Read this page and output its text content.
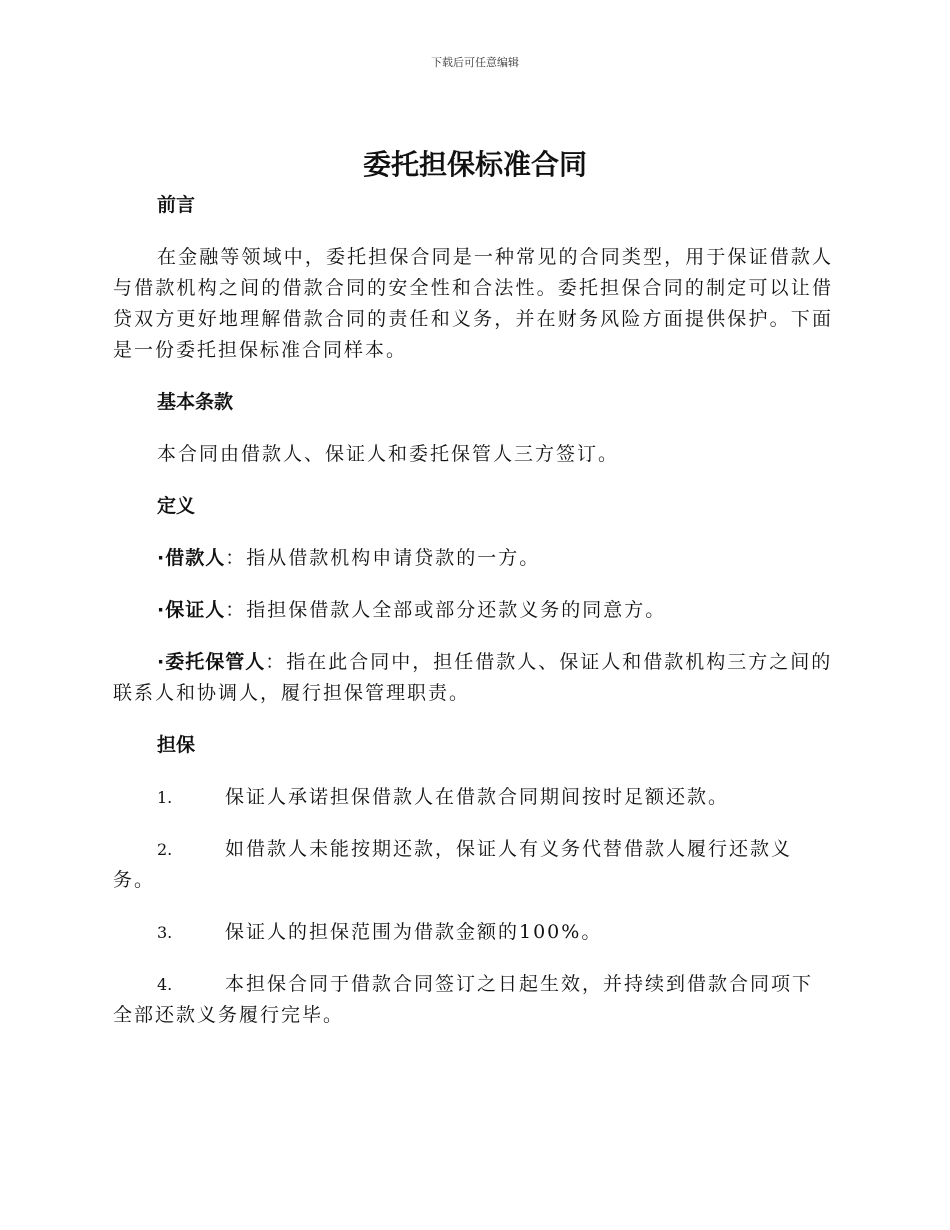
下载后可任意编辑
委托担保标准合同

前言

在金融等领域中，委托担保合同是一种常见的合同类型，用于保证借款人与借款机构之间的借款合同的安全性和合法性。委托担保合同的制定可以让借贷双方更好地理解借款合同的责任和义务，并在财务风险方面提供保护。下面是一份委托担保标准合同样本。

基本条款

本合同由借款人、保证人和委托保管人三方签订。

定义

·借款人：指从借款机构申请贷款的一方。

·保证人：指担保借款人全部或部分还款义务的同意方。

·委托保管人：指在此合同中，担任借款人、保证人和借款机构三方之间的联系人和协调人，履行担保管理职责。

担保

1.	保证人承诺担保借款人在借款合同期间按时足额还款。

2.	如借款人未能按期还款，保证人有义务代替借款人履行还款义务。

3.	保证人的担保范围为借款金额的100%。

4.	本担保合同于借款合同签订之日起生效，并持续到借款合同项下全部还款义务履行完毕。
